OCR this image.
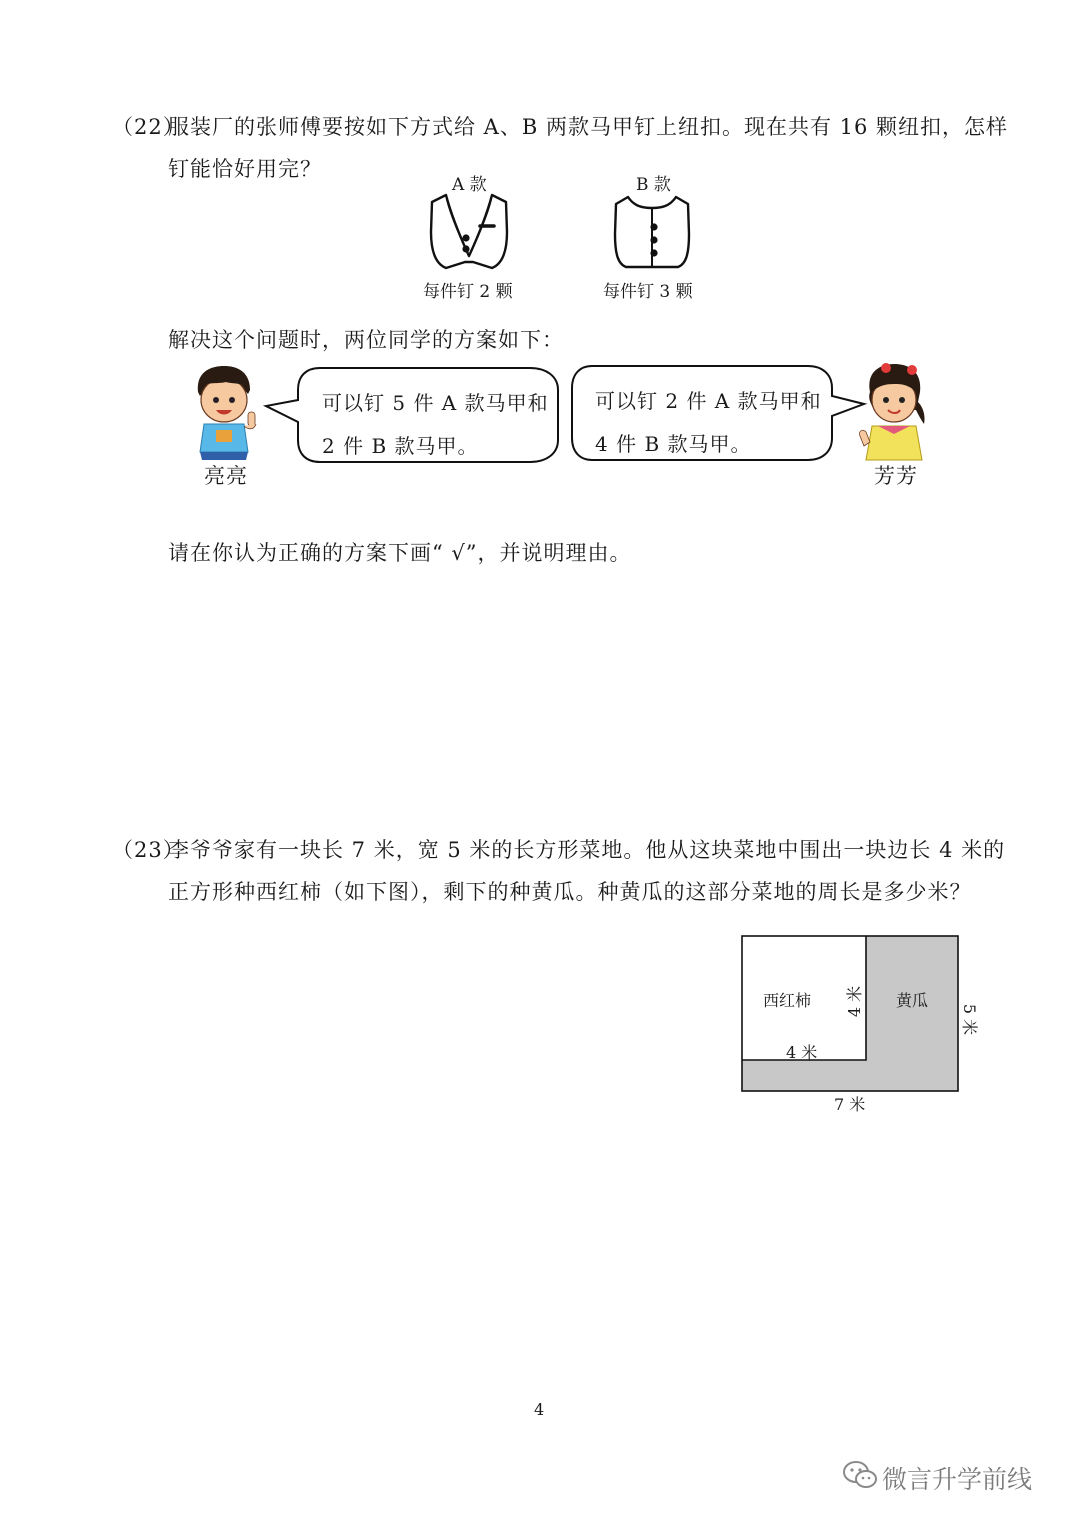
（22）
服装厂的张师傅要按如下方式给 A、B 两款马甲钉上纽扣。现在共有 16 颗纽扣，怎样
钉能恰好用完？
A 款
每件钉 2 颗
B 款
每件钉 3 颗
解决这个问题时，两位同学的方案如下：
亮亮
可以钉 5 件 A 款马甲和
2 件 B 款马甲。
可以钉 2 件 A 款马甲和
4 件 B 款马甲。
芳芳
请在你认为正确的方案下画“ √”，并说明理由。
（23）
李爷爷家有一块长 7 米，宽 5 米的长方形菜地。他从这块菜地中围出一块边长 4 米的
正方形种西红柿（如下图），剩下的种黄瓜。种黄瓜的这部分菜地的周长是多少米？
西红柿	黄瓜
4 米
4 米
5 米
7 米
4
微言升学前线
